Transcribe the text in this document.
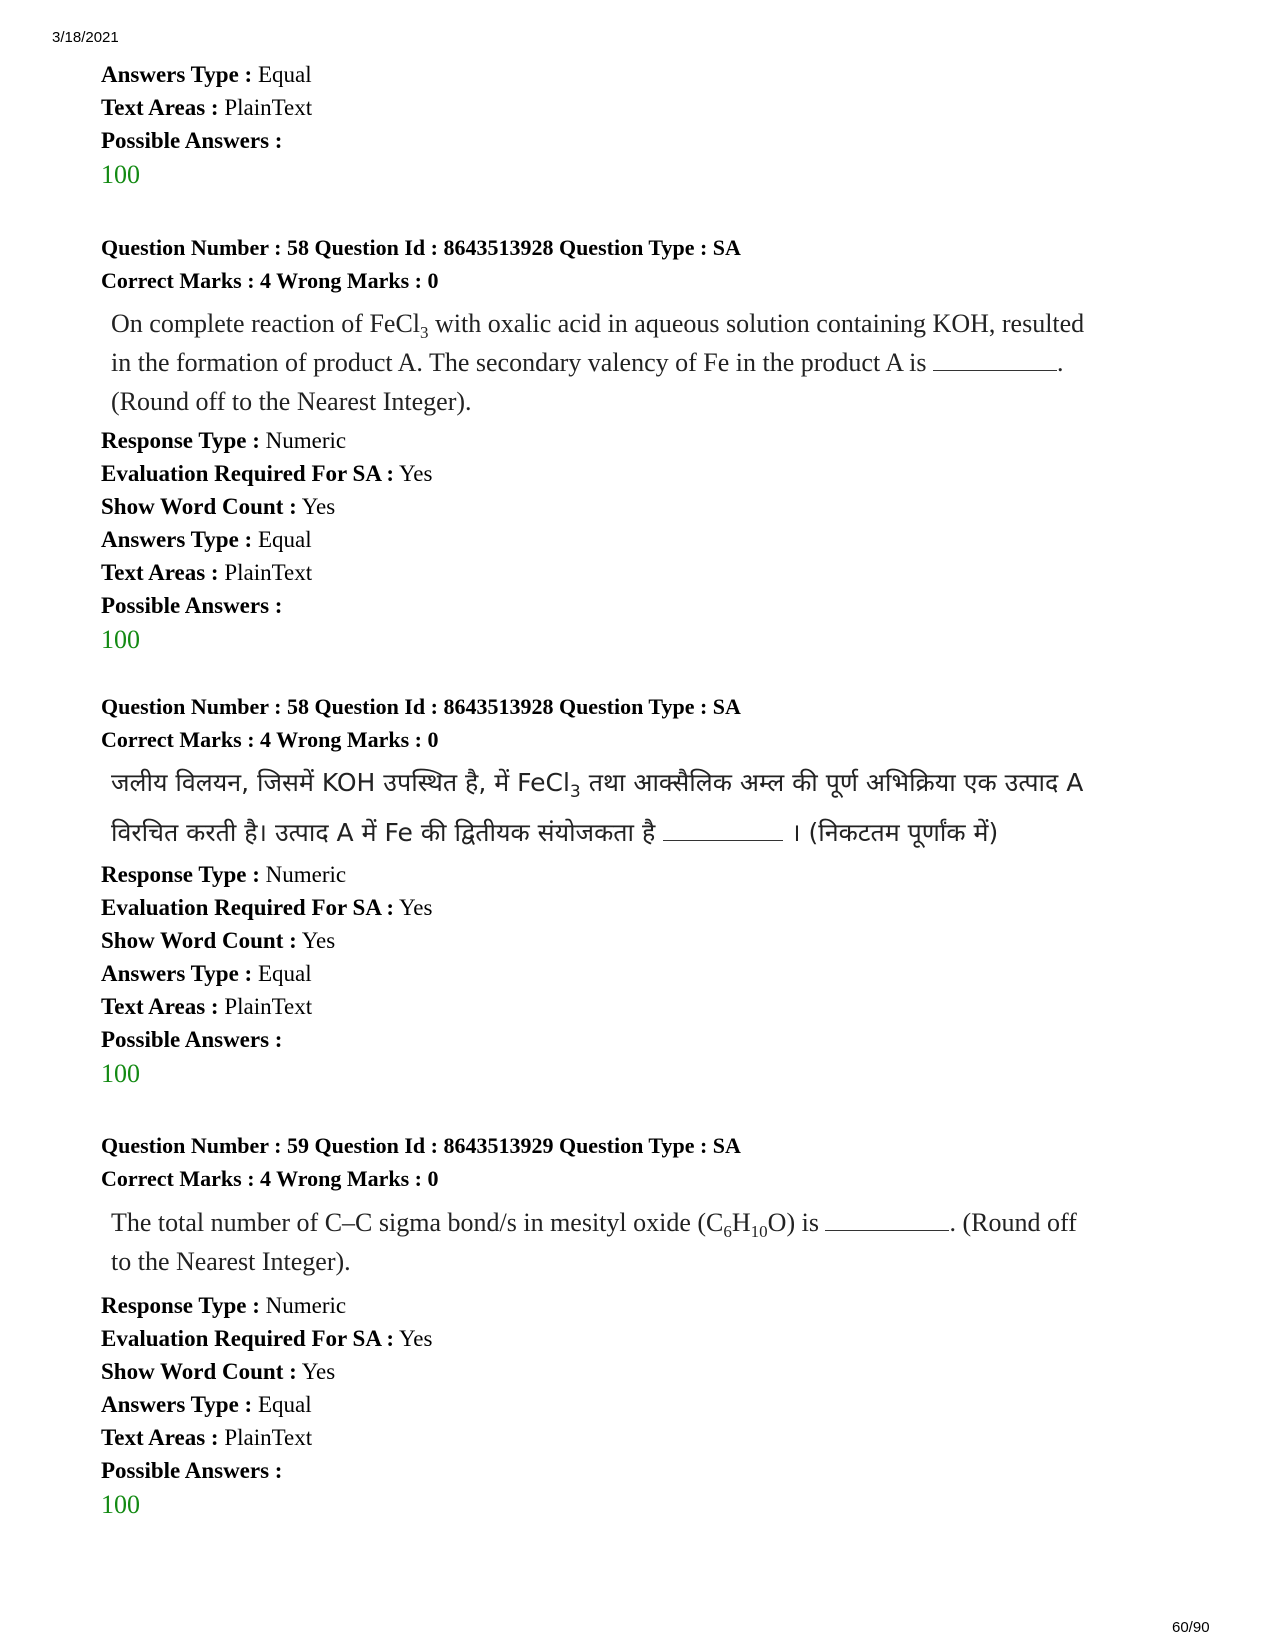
3/18/2021
Answers Type : Equal
Text Areas : PlainText
Possible Answers :
100
Question Number : 58 Question Id : 8643513928 Question Type : SA
Correct Marks : 4 Wrong Marks : 0
On complete reaction of FeCl$_3$ with oxalic acid in aqueous solution containing KOH, resulted
in the formation of product A. The secondary valency of Fe in the product A is	.
(Round off to the Nearest Integer).
Response Type : Numeric
Evaluation Required For SA : Yes
Show Word Count : Yes
Answers Type : Equal
Text Areas : PlainText
Possible Answers :
100
Question Number : 58 Question Id : 8643513928 Question Type : SA
Correct Marks : 4 Wrong Marks : 0
जलीय विलयन, जिसमें KOH उपस्थित है, में FeCl$_3$ तथा आक्सैलिक अम्ल की पूर्ण अभिक्रिया एक उत्पाद A
विरचित करती है। उत्पाद A में Fe की द्वितीयक संयोजकता है	। (निकटतम पूर्णांक में)
Response Type : Numeric
Evaluation Required For SA : Yes
Show Word Count : Yes
Answers Type : Equal
Text Areas : PlainText
Possible Answers :
100
Question Number : 59 Question Id : 8643513929 Question Type : SA
Correct Marks : 4 Wrong Marks : 0
The total number of C–C sigma bond/s in mesityl oxide $(C_6H_{10}O)$ is	. (Round off
to the Nearest Integer).
Response Type : Numeric
Evaluation Required For SA : Yes
Show Word Count : Yes
Answers Type : Equal
Text Areas : PlainText
Possible Answers :
100
60/90
